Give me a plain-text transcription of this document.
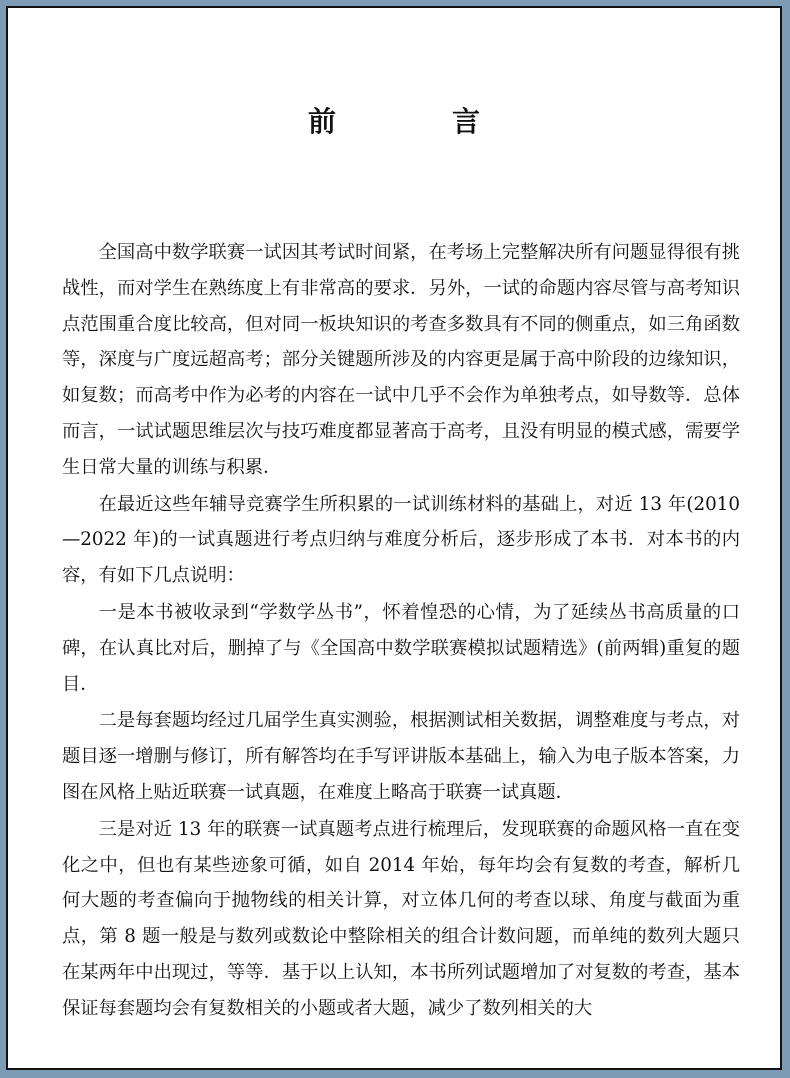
前　言

全国高中数学联赛一试因其考试时间紧，在考场上完整解决所有问题显得很有挑战性，而对学生在熟练度上有非常高的要求．另外，一试的命题内容尽管与高考知识点范围重合度比较高，但对同一板块知识的考查多数具有不同的侧重点，如三角函数等，深度与广度远超高考；部分关键题所涉及的内容更是属于高中阶段的边缘知识，如复数；而高考中作为必考的内容在一试中几乎不会作为单独考点，如导数等．总体而言，一试试题思维层次与技巧难度都显著高于高考，且没有明显的模式感，需要学生日常大量的训练与积累．

在最近这些年辅导竞赛学生所积累的一试训练材料的基础上，对近 13 年(2010—2022 年)的一试真题进行考点归纳与难度分析后，逐步形成了本书．对本书的内容，有如下几点说明：

一是本书被收录到“学数学丛书”，怀着惶恐的心情，为了延续丛书高质量的口碑，在认真比对后，删掉了与《全国高中数学联赛模拟试题精选》(前两辑)重复的题目．

二是每套题均经过几届学生真实测验，根据测试相关数据，调整难度与考点，对题目逐一增删与修订，所有解答均在手写评讲版本基础上，输入为电子版本答案，力图在风格上贴近联赛一试真题，在难度上略高于联赛一试真题．

三是对近 13 年的联赛一试真题考点进行梳理后，发现联赛的命题风格一直在变化之中，但也有某些迹象可循，如自 2014 年始，每年均会有复数的考查，解析几何大题的考查偏向于抛物线的相关计算，对立体几何的考查以球、角度与截面为重点，第 8 题一般是与数列或数论中整除相关的组合计数问题，而单纯的数列大题只在某两年中出现过，等等．基于以上认知，本书所列试题增加了对复数的考查，基本保证每套题均会有复数相关的小题或者大题，减少了数列相关的大
